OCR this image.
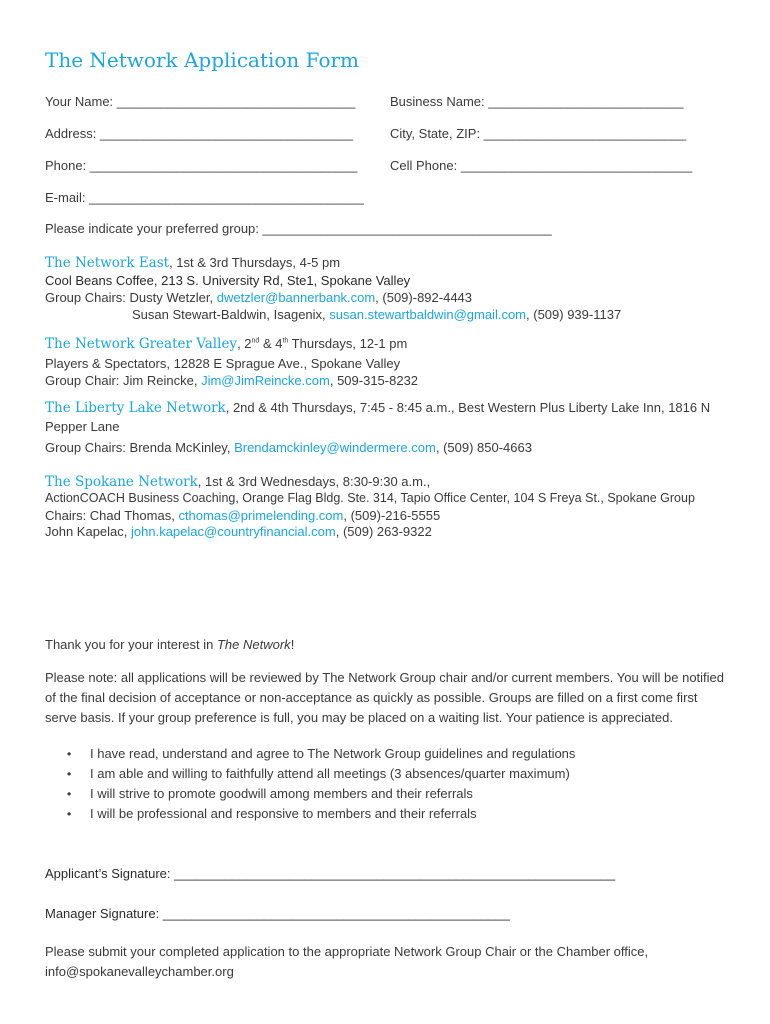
The Network Application Form
Your Name: _________________________________	Business Name: ___________________________
Address: ___________________________________	City, State, ZIP: ____________________________
Phone: _____________________________________	Cell Phone: ________________________________
E-mail: ______________________________________
Please indicate your preferred group: ________________________________________
The Network East, 1st & 3rd Thursdays, 4-5 pm
Cool Beans Coffee, 213 S. University Rd, Ste1, Spokane Valley
Group Chairs: Dusty Wetzler, dwetzler@bannerbank.com, (509)-892-4443
Susan Stewart-Baldwin, Isagenix, susan.stewartbaldwin@gmail.com, (509) 939-1137
The Network Greater Valley, 2nd & 4th Thursdays, 12-1 pm
Players & Spectators, 12828 E Sprague Ave., Spokane Valley
Group Chair: Jim Reincke, Jim@JimReincke.com, 509-315-8232
The Liberty Lake Network, 2nd & 4th Thursdays, 7:45 - 8:45 a.m., Best Western Plus Liberty Lake Inn, 1816 N
Pepper Lane
Group Chairs: Brenda McKinley, Brendamckinley@windermere.com, (509) 850-4663
The Spokane Network, 1st & 3rd Wednesdays, 8:30-9:30 a.m.,
ActionCOACH Business Coaching, Orange Flag Bldg. Ste. 314, Tapio Office Center, 104 S Freya St., Spokane Group
Chairs: Chad Thomas, cthomas@primelending.com, (509)-216-5555
John Kapelac, john.kapelac@countryfinancial.com, (509) 263-9322
Thank you for your interest in The Network!
Please note: all applications will be reviewed by The Network Group chair and/or current members. You will be notified of the final decision of acceptance or non-acceptance as quickly as possible. Groups are filled on a first come first serve basis. If your group preference is full, you may be placed on a waiting list. Your patience is appreciated.
• I have read, understand and agree to The Network Group guidelines and regulations
• I am able and willing to faithfully attend all meetings (3 absences/quarter maximum)
• I will strive to promote goodwill among members and their referrals
• I will be professional and responsive to members and their referrals
Applicant’s Signature: _____________________________________________________________
Manager Signature: ________________________________________________
Please submit your completed application to the appropriate Network Group Chair or the Chamber office,
info@spokanevalleychamber.org
